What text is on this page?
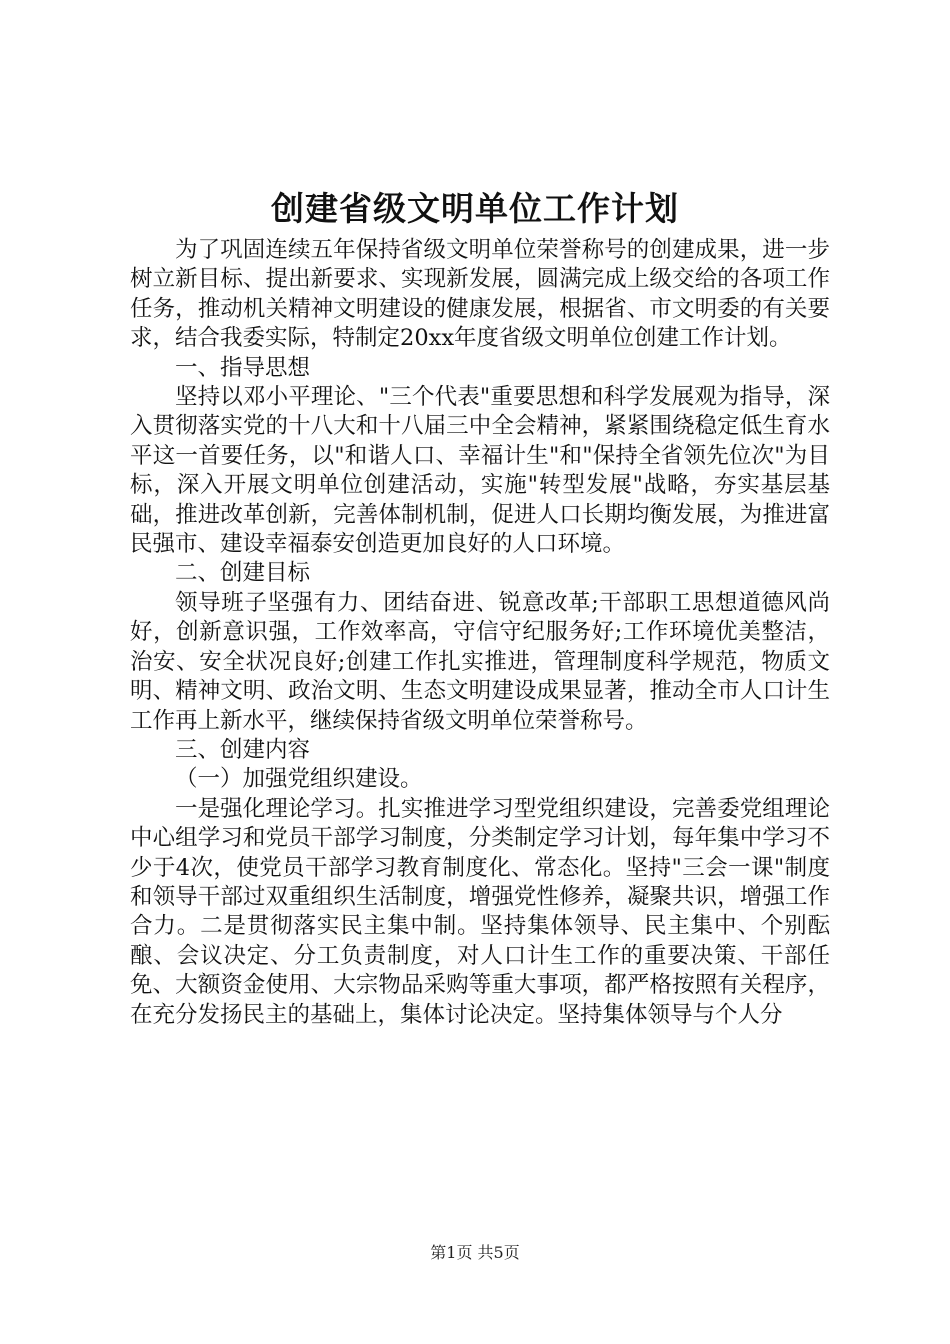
创建省级文明单位工作计划

为了巩固连续五年保持省级文明单位荣誉称号的创建成果，进一步树立新目标、提出新要求、实现新发展，圆满完成上级交给的各项工作任务，推动机关精神文明建设的健康发展，根据省、市文明委的有关要求，结合我委实际，特制定20xx年度省级文明单位创建工作计划。

一、指导思想

坚持以邓小平理论、"三个代表"重要思想和科学发展观为指导，深入贯彻落实党的十八大和十八届三中全会精神，紧紧围绕稳定低生育水平这一首要任务，以"和谐人口、幸福计生"和"保持全省领先位次"为目标，深入开展文明单位创建活动，实施"转型发展"战略，夯实基层基础，推进改革创新，完善体制机制，促进人口长期均衡发展，为推进富民强市、建设幸福泰安创造更加良好的人口环境。

二、创建目标

领导班子坚强有力、团结奋进、锐意改革;干部职工思想道德风尚好，创新意识强，工作效率高，守信守纪服务好;工作环境优美整洁，治安、安全状况良好;创建工作扎实推进，管理制度科学规范，物质文明、精神文明、政治文明、生态文明建设成果显著，推动全市人口计生工作再上新水平，继续保持省级文明单位荣誉称号。

三、创建内容

（一）加强党组织建设。

一是强化理论学习。扎实推进学习型党组织建设，完善委党组理论中心组学习和党员干部学习制度，分类制定学习计划，每年集中学习不少于4次，使党员干部学习教育制度化、常态化。坚持"三会一课"制度和领导干部过双重组织生活制度，增强党性修养，凝聚共识，增强工作合力。二是贯彻落实民主集中制。坚持集体领导、民主集中、个别酝酿、会议决定、分工负责制度，对人口计生工作的重要决策、干部任免、大额资金使用、大宗物品采购等重大事项，都严格按照有关程序，在充分发扬民主的基础上，集体讨论决定。坚持集体领导与个人分

第1页 共5页
